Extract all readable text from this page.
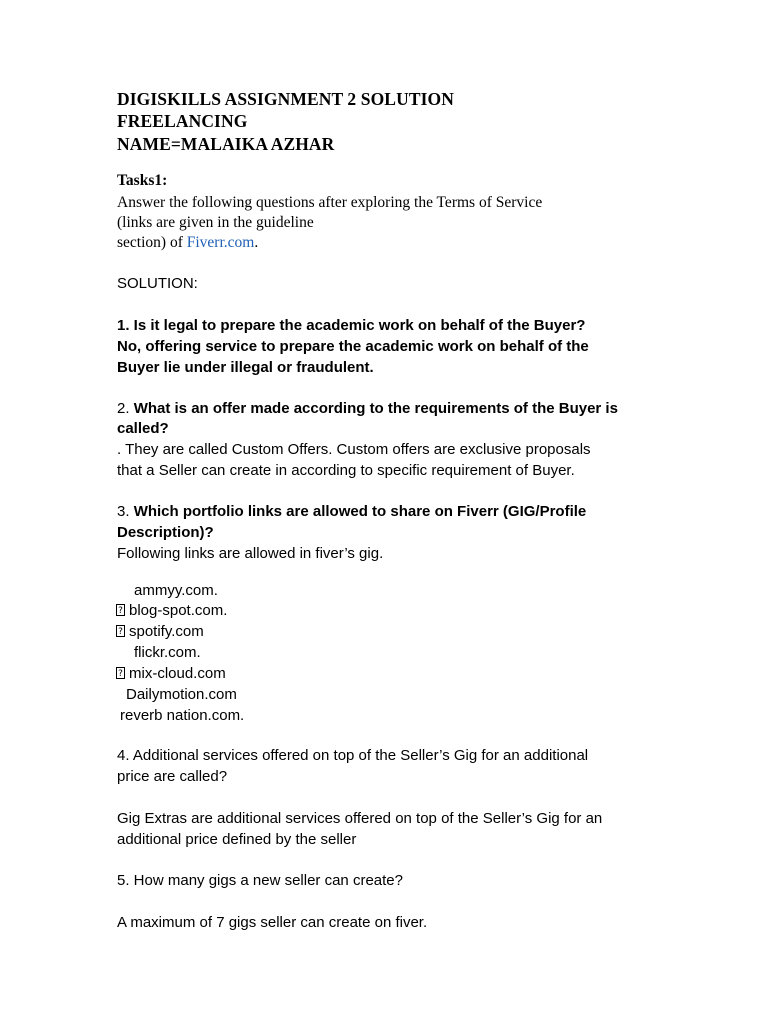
DIGISKILLS ASSIGNMENT 2 SOLUTION
FREELANCING
NAME=MALAIKA AZHAR
Tasks1:
Answer the following questions after exploring the Terms of Service
(links are given in the guideline
section) of Fiverr.com.
SOLUTION:
1. Is it legal to prepare the academic work on behalf of the Buyer?
No, offering service to prepare the academic work on behalf of the
Buyer lie under illegal or fraudulent.
2. What is an offer made according to the requirements of the Buyer is
called?
. They are called Custom Offers. Custom offers are exclusive proposals
that a Seller can create in according to specific requirement of Buyer.
3. Which portfolio links are allowed to share on Fiverr (GIG/Profile
Description)?
Following links are allowed in fiver’s gig.
ammyy.com.
?blog-spot.com.
?spotify.com
flickr.com.
?mix-cloud.com
Dailymotion.com
reverb nation.com.
4. Additional services offered on top of the Seller’s Gig for an additional
price are called?
Gig Extras are additional services offered on top of the Seller’s Gig for an
additional price defined by the seller
5. How many gigs a new seller can create?
A maximum of 7 gigs seller can create on fiver.
